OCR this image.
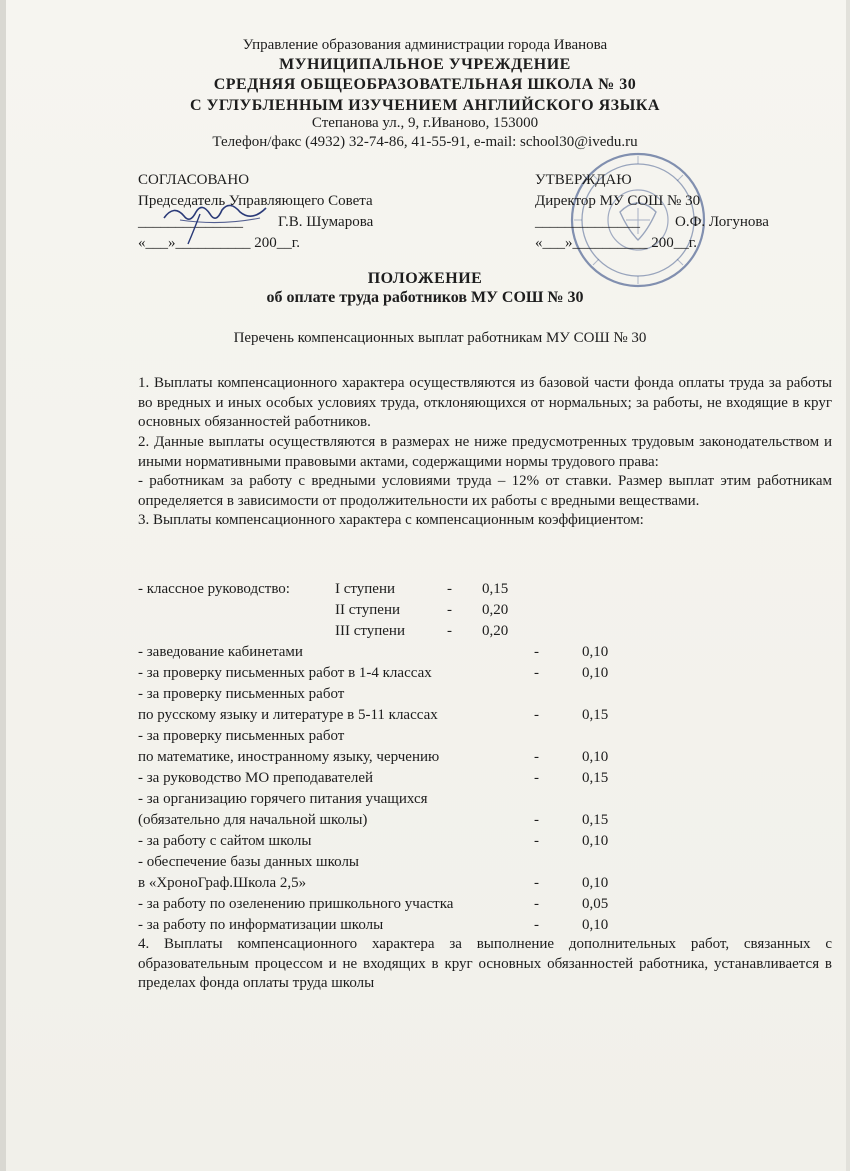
Управление образования администрации города Иванова
МУНИЦИПАЛЬНОЕ УЧРЕЖДЕНИЕ
СРЕДНЯЯ ОБЩЕОБРАЗОВАТЕЛЬНАЯ ШКОЛА № 30
С УГЛУБЛЕННЫМ ИЗУЧЕНИЕМ АНГЛИЙСКОГО ЯЗЫКА
Степанова ул., 9, г.Иваново, 153000
Телефон/факс (4932) 32-74-86, 41-55-91, e-mail: school30@ivedu.ru
СОГЛАСОВАНО
Председатель Управляющего Совета
______________ Г.В. Шумарова
«___»__________ 200__г.
УТВЕРЖДАЮ
Директор МУ СОШ № 30
______________ О.Ф. Логунова
«___»__________ 200__г.
ПОЛОЖЕНИЕ
об оплате труда работников МУ СОШ № 30
Перечень компенсационных выплат работникам МУ СОШ № 30
1. Выплаты компенсационного характера осуществляются из базовой части фонда оплаты труда за работы во вредных и иных особых условиях труда, отклоняющихся от нормальных; за работы, не входящие в круг основных обязанностей работников.
2. Данные выплаты осуществляются в размерах не ниже предусмотренных трудовым законодательством и иными нормативными правовыми актами, содержащими нормы трудового права:
- работникам за работу с вредными условиями труда – 12% от ставки. Размер выплат этим работникам определяется в зависимости от продолжительности их работы с вредными веществами.
3. Выплаты компенсационного характера с компенсационным коэффициентом:
- классное руководство:	I ступени	- 0,15
II ступени	- 0,20
III ступени	- 0,20
- заведование кабинетами	-	0,10
- за проверку письменных работ в 1-4 классах	-	0,10
- за проверку письменных работ
по русскому языку и литературе в 5-11 классах	-	0,15
- за проверку письменных работ
по математике, иностранному языку, черчению	-	0,10
- за руководство МО преподавателей	-	0,15
- за организацию горячего питания учащихся
(обязательно для начальной школы)	-	0,15
- за работу с сайтом школы	-	0,10
- обеспечение базы данных школы
в «ХроноГраф.Школа 2,5»	-	0,10
- за работу по озеленению пришкольного участка	-	0,05
- за работу по информатизации школы	-	0,10
4. Выплаты компенсационного характера за выполнение дополнительных работ, связанных с образовательным процессом и не входящих в круг основных обязанностей работника, устанавливается в пределах фонда оплаты труда школы
